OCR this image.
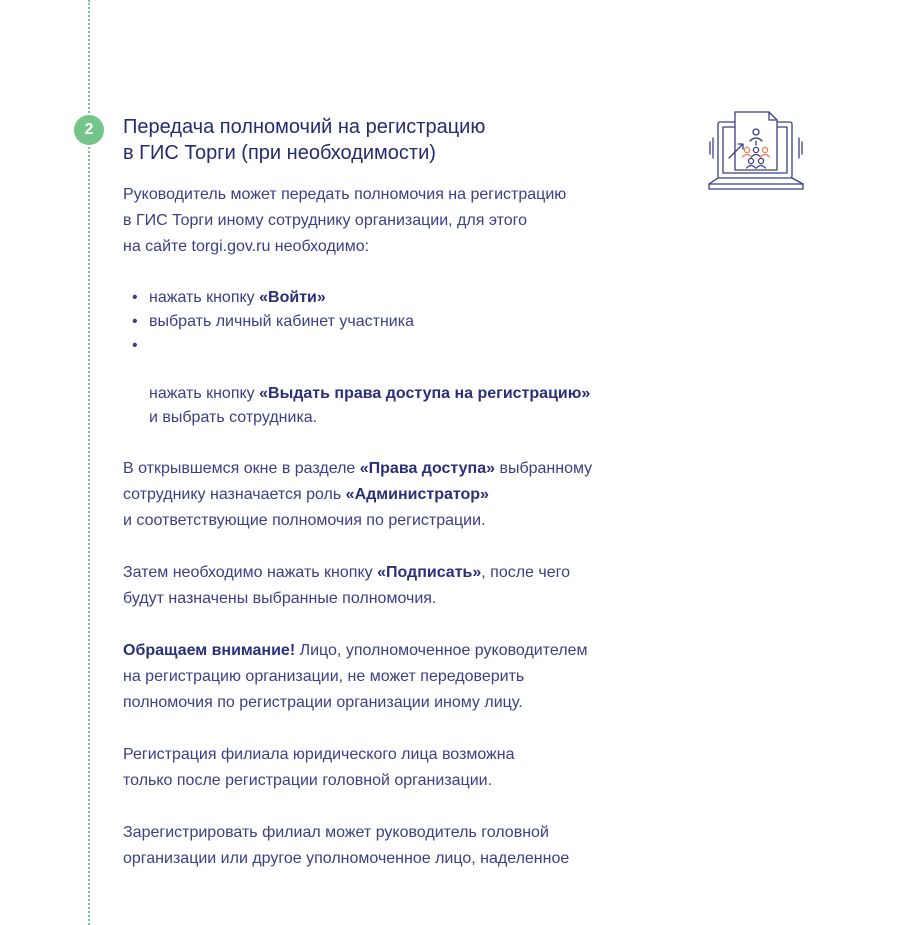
2	Передача полномочий на регистрацию
в ГИС Торги (при необходимости)

Руководитель может передать полномочия на регистрацию
в ГИС Торги иному сотруднику организации, для этого
на сайте torgi.gov.ru необходимо:

• нажать кнопку «Войти»
• выбрать личный кабинет участника

•

нажать кнопку «Выдать права доступа на регистрацию»
и выбрать сотрудника.

В открывшемся окне в разделе «Права доступа» выбранному
сотруднику назначается роль «Администратор»
и соответствующие полномочия по регистрации.

Затем необходимо нажать кнопку «Подписать», после чего
будут назначены выбранные полномочия.

Обращаем внимание! Лицо, уполномоченное руководителем
на регистрацию организации, не может передоверить
полномочия по регистрации организации иному лицу.

Регистрация филиала юридического лица возможна
только после регистрации головной организации.

Зарегистрировать филиал может руководитель головной
организации или другое уполномоченное лицо, наделенное
